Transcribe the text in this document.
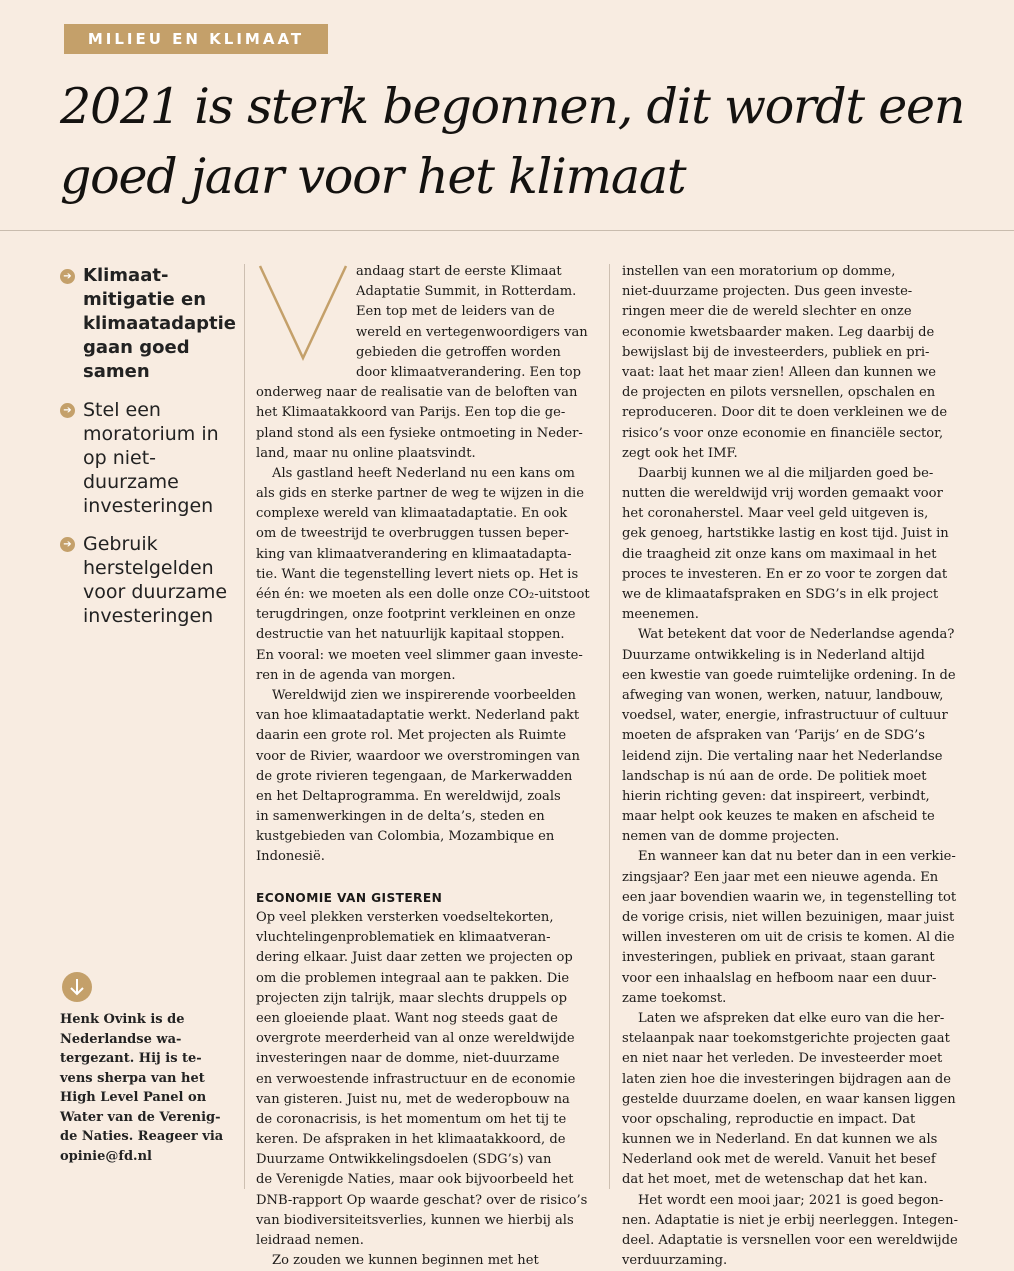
MILIEU EN KLIMAAT
2021 is sterk begonnen, dit wordt een goed jaar voor het klimaat
➔ Klimaat-
mitigatie en
klimaatadaptie
gaan goed
samen
➔ Stel een
moratorium in
op niet-
duurzame
investeringen
➔ Gebruik
herstelgelden
voor duurzame
investeringen

Henk Ovink is de
Nederlandse wa-
tergezant. Hij is te-
vens sherpa van het
High Level Panel on
Water van de Verenig-
de Naties. Reageer via
opinie@fd.nl

V
andaag start de eerste Klimaat
Adaptatie Summit, in Rotterdam.
Een top met de leiders van de
wereld en vertegenwoordigers van
gebieden die getroffen worden
door klimaatverandering. Een top
onderweg naar de realisatie van de beloften van
het Klimaatakkoord van Parijs. Een top die ge-
pland stond als een fysieke ontmoeting in Neder-
land, maar nu online plaatsvindt.
Als gastland heeft Nederland nu een kans om
als gids en sterke partner de weg te wijzen in die
complexe wereld van klimaatadaptatie. En ook
om de tweestrijd te overbruggen tussen beper-
king van klimaatverandering en klimaatadapta-
tie. Want die tegenstelling levert niets op. Het is
één én: we moeten als een dolle onze CO₂-uitstoot
terugdringen, onze footprint verkleinen en onze
destructie van het natuurlijk kapitaal stoppen.
En vooral: we moeten veel slimmer gaan investe-
ren in de agenda van morgen.
Wereldwijd zien we inspirerende voorbeelden
van hoe klimaatadaptatie werkt. Nederland pakt
daarin een grote rol. Met projecten als Ruimte
voor de Rivier, waardoor we overstromingen van
de grote rivieren tegengaan, de Markerwadden
en het Deltaprogramma. En wereldwijd, zoals
in samenwerkingen in de delta’s, steden en
kustgebieden van Colombia, Mozambique en
Indonesië.
ECONOMIE VAN GISTEREN
Op veel plekken versterken voedseltekorten,
vluchtelingenproblematiek en klimaatveran-
dering elkaar. Juist daar zetten we projecten op
om die problemen integraal aan te pakken. Die
projecten zijn talrijk, maar slechts druppels op
een gloeiende plaat. Want nog steeds gaat de
overgrote meerderheid van al onze wereldwijde
investeringen naar de domme, niet-duurzame
en verwoestende infrastructuur en de economie
van gisteren. Juist nu, met de wederopbouw na
de coronacrisis, is het momentum om het tij te
keren. De afspraken in het klimaatakkoord, de
Duurzame Ontwikkelingsdoelen (SDG’s) van
de Verenigde Naties, maar ook bijvoorbeeld het
DNB-rapport Op waarde geschat? over de risico’s
van biodiversiteitsverlies, kunnen we hierbij als
leidraad nemen.
Zo zouden we kunnen beginnen met het
instellen van een moratorium op domme,
niet-duurzame projecten. Dus geen investe-
ringen meer die de wereld slechter en onze
economie kwetsbaarder maken. Leg daarbij de
bewijslast bij de investeerders, publiek en pri-
vaat: laat het maar zien! Alleen dan kunnen we
de projecten en pilots versnellen, opschalen en
reproduceren. Door dit te doen verkleinen we de
risico’s voor onze economie en financiële sector,
zegt ook het IMF.
Daarbij kunnen we al die miljarden goed be-
nutten die wereldwijd vrij worden gemaakt voor
het coronaherstel. Maar veel geld uitgeven is,
gek genoeg, hartstikke lastig en kost tijd. Juist in
die traagheid zit onze kans om maximaal in het
proces te investeren. En er zo voor te zorgen dat
we de klimaatafspraken en SDG’s in elk project
meenemen.
Wat betekent dat voor de Nederlandse agenda?
Duurzame ontwikkeling is in Nederland altijd
een kwestie van goede ruimtelijke ordening. In de
afweging van wonen, werken, natuur, landbouw,
voedsel, water, energie, infrastructuur of cultuur
moeten de afspraken van ‘Parijs’ en de SDG’s
leidend zijn. Die vertaling naar het Nederlandse
landschap is nú aan de orde. De politiek moet
hierin richting geven: dat inspireert, verbindt,
maar helpt ook keuzes te maken en afscheid te
nemen van de domme projecten.
En wanneer kan dat nu beter dan in een verkie-
zingsjaar? Een jaar met een nieuwe agenda. En
een jaar bovendien waarin we, in tegenstelling tot
de vorige crisis, niet willen bezuinigen, maar juist
willen investeren om uit de crisis te komen. Al die
investeringen, publiek en privaat, staan garant
voor een inhaalslag en hefboom naar een duur-
zame toekomst.
Laten we afspreken dat elke euro van die her-
stelaanpak naar toekomstgerichte projecten gaat
en niet naar het verleden. De investeerder moet
laten zien hoe die investeringen bijdragen aan de
gestelde duurzame doelen, en waar kansen liggen
voor opschaling, reproductie en impact. Dat
kunnen we in Nederland. En dat kunnen we als
Nederland ook met de wereld. Vanuit het besef
dat het moet, met de wetenschap dat het kan.
Het wordt een mooi jaar; 2021 is goed begon-
nen. Adaptatie is niet je erbij neerleggen. Integen-
deel. Adaptatie is versnellen voor een wereldwijde
verduurzaming.
